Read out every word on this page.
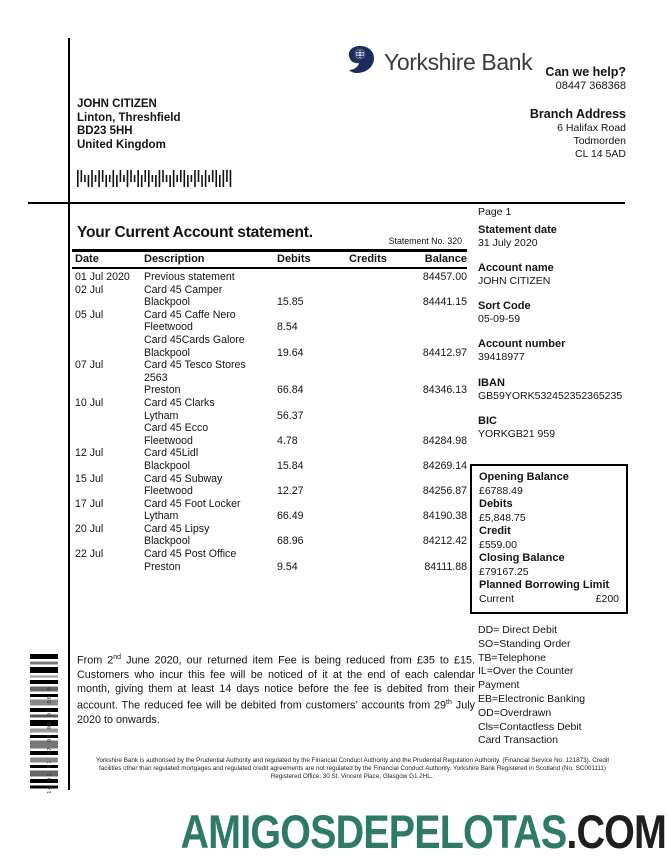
Yorkshire Bank Can we help?
08447 368368
Branch Address
6 Halifax Road
Todmorden
CL 14 5AD
JOHN CITIZEN
Linton, Threshfield
BD23 5HH
United Kingdom
Your Current Account statement.	Statement No. 320
Date	Description	Debits	Credits	Balance
01 Jul 2020	Previous statement			84457.00
02 Jul	Card 45 Camper			
	Blackpool	15.85		84441.15
05 Jul	Card 45 Caffe Nero			
	Fleetwood	8.54		
	Card 45Cards Galore			
	Blackpool	19.64		84412.97
07 Jul	Card 45 Tesco Stores			
	2563			
	Preston	66.84		84346.13
10 Jul	Card 45 Clarks			
	Lytham	56.37		
	Card 45 Ecco			
	Fleetwood	4.78		84284.98
12 Jul	Card 45Lidl			
	Blackpool	15.84		84269.14
15 Jul	Card 45 Subway			
	Fleetwood	12.27		84256.87
17 Jul	Card 45 Foot Locker			
	Lytham	66.49		84190.38
20 Jul	Card 45 Lipsy			
	Blackpool	68.96		84212.42
22 Jul	Card 45 Post Office			
	Preston	9.54		84111.88
Page 1
Statement date
31 July 2020
Account name
JOHN CITIZEN
Sort Code
05-09-59
Account number
39418977
IBAN
GB59YORK532452352365235
BIC
YORKGB21 959
Opening Balance
£6788.49
Debits
£5,848.75
Credit
£559.00
Closing Balance
£79167.25
Planned Borrowing Limit
Current	£200
DD= Direct Debit
SO=Standing Order
TB=Telephone
IL=Over the Counter
Payment
EB=Electronic Banking
OD=Overdrawn
Cls=Contactless Debit
Card Transaction
From 2nd June 2020, our returned item Fee is being reduced from £35 to £15. Customers who incur this fee will be noticed of it at the end of each calendar month, giving them at least 14 days notice before the fee is debited from their account. The reduced fee will be debited from customers’ accounts from 29th July 2020 to onwards.
Yorkshire Bank is authorised by the Prudential Authority and regulated by the Financial Conduct Authority and the Prudential Regulation Authority. (Financial Service No. 121873). Credit
facilities other than regulated mortgages and regulated credit agreements are not regulated by the Financial Conduct Authority. Yorkshire Bank Registered in Scotland (No. SC001111)
Registered Office; 30 St. Vincent Place, Glasgow G1 2HL..
14 02 01 37 03 00 01 00 0
AMIGOSDEPELOTAS.COM
